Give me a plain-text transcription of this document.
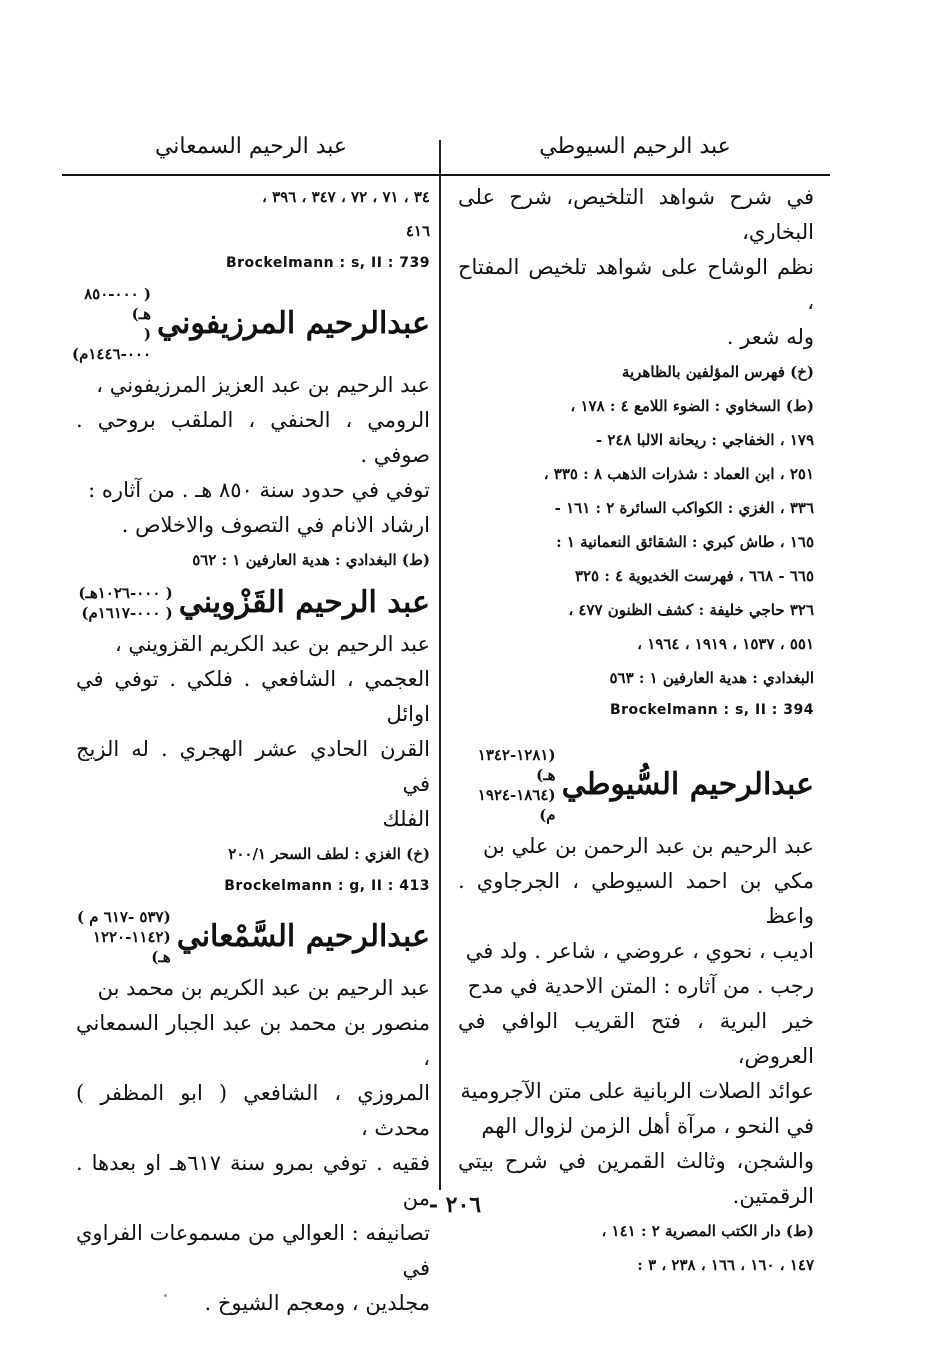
عبد الرحيم السيوطي
عبد الرحيم السمعاني

في شرح شواهد التلخيص، شرح على البخاري،

نظم الوشاح على شواهد تلخيص المفتاح ،

وله شعر .

(خ) فهرس المؤلفين بالظاهرية

(ط) السخاوي : الضوء اللامع ٤ : ١٧٨ ،

١٧٩ ، الخفاجي : ريحانة الالبا ٢٤٨ -

٢٥١ ، ابن العماد : شذرات الذهب ٨ : ٣٣٥ ،

٣٣٦ ، الغزي : الكواكب السائرة ٢ : ١٦١ -

١٦٥ ، طاش كبري : الشقائق النعمانية ١ :

٦٦٥ - ٦٦٨ ، فهرست الخديوية ٤ : ٣٢٥

٣٢٦ حاجي خليفة : كشف الظنون ٤٧٧ ،

٥٥١ ، ١٥٣٧ ، ١٩١٩ ، ١٩٦٤ ،

البغدادي : هدية العارفين ١ : ٥٦٣

Brockelmann : s, II : 394

عبدالرحيم السُّيوطي
(١٢٨١-١٣٤٢ هـ)
(١٨٦٤-١٩٢٤ م)

عبد الرحيم بن عبد الرحمن بن علي بن

مكي بن احمد السيوطي ، الجرجاوي . واعظ

اديب ، نحوي ، عروضي ، شاعر . ولد في

رجب . من آثاره : المتن الاحدية في مدح

خير البرية ، فتح القريب الوافي في العروض،

عوائد الصلات الربانية على متن الآجرومية

في النحو ، مرآة أهل الزمن لزوال الهم

والشجن، وثالث القمرين في شرح بيتي الرقمتين.

(ط) دار الكتب المصرية ٢ : ١٤١ ،

١٤٧ ، ١٦٠ ، ١٦٦ ، ٢٣٨ ، ٣ :

٣٤ ، ٧١ ، ٧٢ ، ٣٤٧ ، ٣٩٦ ،

٤١٦

Brockelmann : s, II : 739

عبدالرحيم المرزيفوني
( ٠٠٠-٨٥٠ هـ)
( ٠٠٠-١٤٤٦م)

عبد الرحيم بن عبد العزيز المرزيفوني ،

الرومي ، الحنفي ، الملقب بروحي . صوفي .

توفي في حدود سنة ٨٥٠ هـ . من آثاره :

ارشاد الانام في التصوف والاخلاص .

(ط) البغدادي : هدية العارفين ١ : ٥٦٢

عبد الرحيم القَزْويني
( ٠٠٠-١٠٢٦هـ)
( ٠٠٠-١٦١٧م)

عبد الرحيم بن عبد الكريم القزويني ،

العجمي ، الشافعي . فلكي . توفي في اوائل

القرن الحادي عشر الهجري . له الزيج في

الفلك

(خ) الغزي : لطف السحر ٢٠٠/١

Brockelmann : g, II : 413

عبدالرحيم السَّمْعاني
(٥٣٧ -٦١٧ م )
(١١٤٢-١٢٢٠ هـ)

عبد الرحيم بن عبد الكريم بن محمد بن

منصور بن محمد بن عبد الجبار السمعاني ،

المروزي ، الشافعي ( ابو المظفر ) محدث ،

فقيه . توفي بمرو سنة ٦١٧هـ او بعدها . من

تصانيفه : العوالي من مسموعات الفراوي في

مجلدين ، ومعجم الشيوخ .

٢٠٦ -
